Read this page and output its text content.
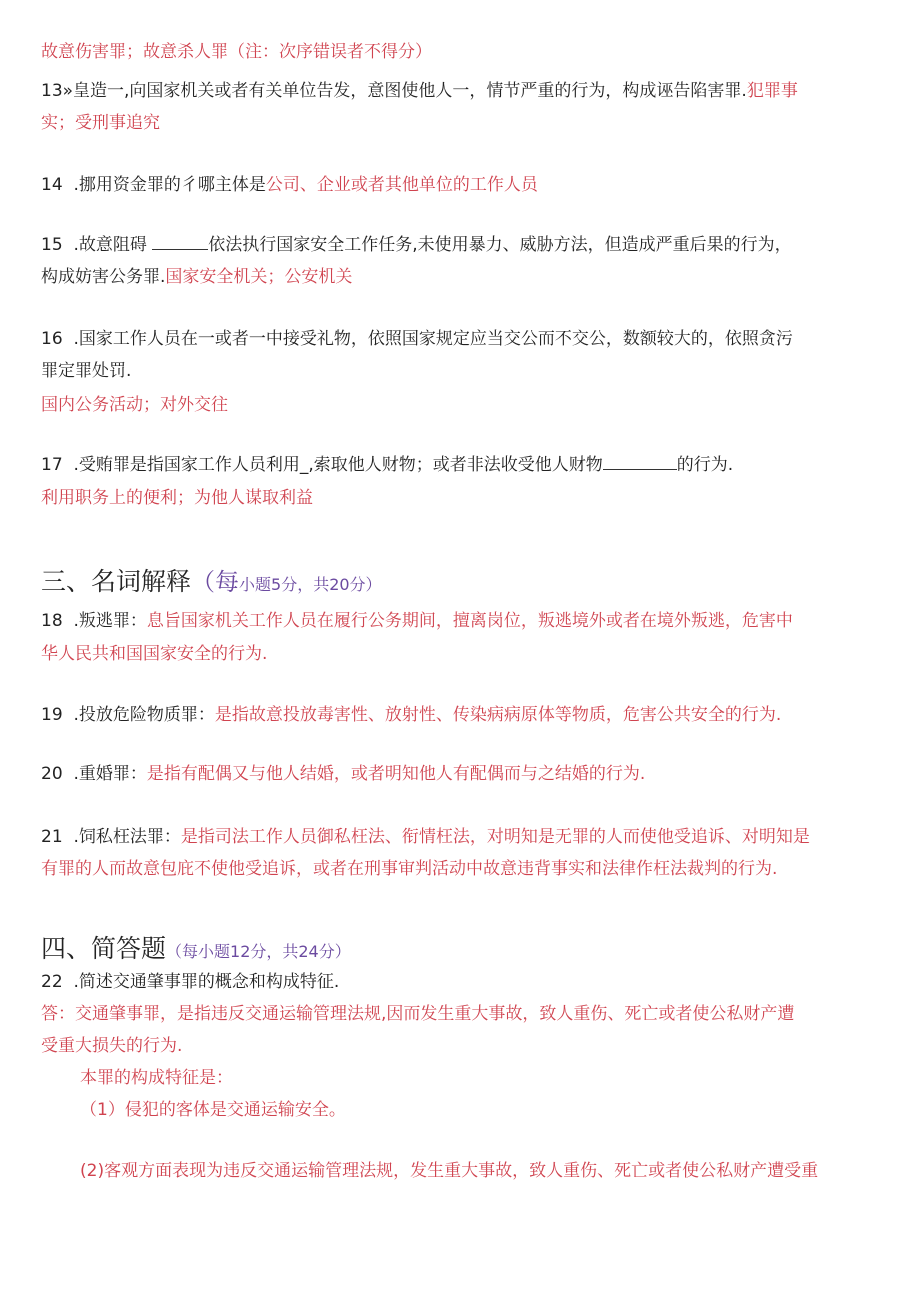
故意伤害罪；故意杀人罪（注：次序错误者不得分）
13»皇造一,向国家机关或者有关单位告发，意图使他人一，情节严重的行为，构成诬告陷害罪.犯罪事
实；受刑事追究
14 .挪用资金罪的彳哪主体是公司、企业或者其他单位的工作人员
15 .故意阻碍	依法执行国家安全工作任务,未使用暴力、威胁方法，但造成严重后果的行为，
构成妨害公务罪.国家安全机关；公安机关
16 .国家工作人员在一或者一中接受礼物，依照国家规定应当交公而不交公，数额较大的，依照贪污
罪定罪处罚.
国内公务活动；对外交往
17 .受贿罪是指国家工作人员利用_,索取他人财物；或者非法收受他人财物	的行为.
利用职务上的便利；为他人谋取利益
三、名词解释（每小题5分，共20分）
18 .叛逃罪：息旨国家机关工作人员在履行公务期间，擅离岗位，叛逃境外或者在境外叛逃，危害中
华人民共和国国家安全的行为.
19 .投放危险物质罪：是指故意投放毒害性、放射性、传染病病原体等物质，危害公共安全的行为.
20 .重婚罪：是指有配偶又与他人结婚，或者明知他人有配偶而与之结婚的行为.
21 .饲私枉法罪：是指司法工作人员御私枉法、衔情枉法，对明知是无罪的人而使他受追诉、对明知是
有罪的人而故意包庇不使他受追诉，或者在刑事审判活动中故意违背事实和法律作枉法裁判的行为.
四、简答题（每小题12分，共24分）
22 .简述交通肇事罪的概念和构成特征.
答：交通肇事罪，是指违反交通运输管理法规,因而发生重大事故，致人重伤、死亡或者使公私财产遭
受重大损失的行为.
本罪的构成特征是：
（1）侵犯的客体是交通运输安全。
(2)客观方面表现为违反交通运输管理法规，发生重大事故，致人重伤、死亡或者使公私财产遭受重
